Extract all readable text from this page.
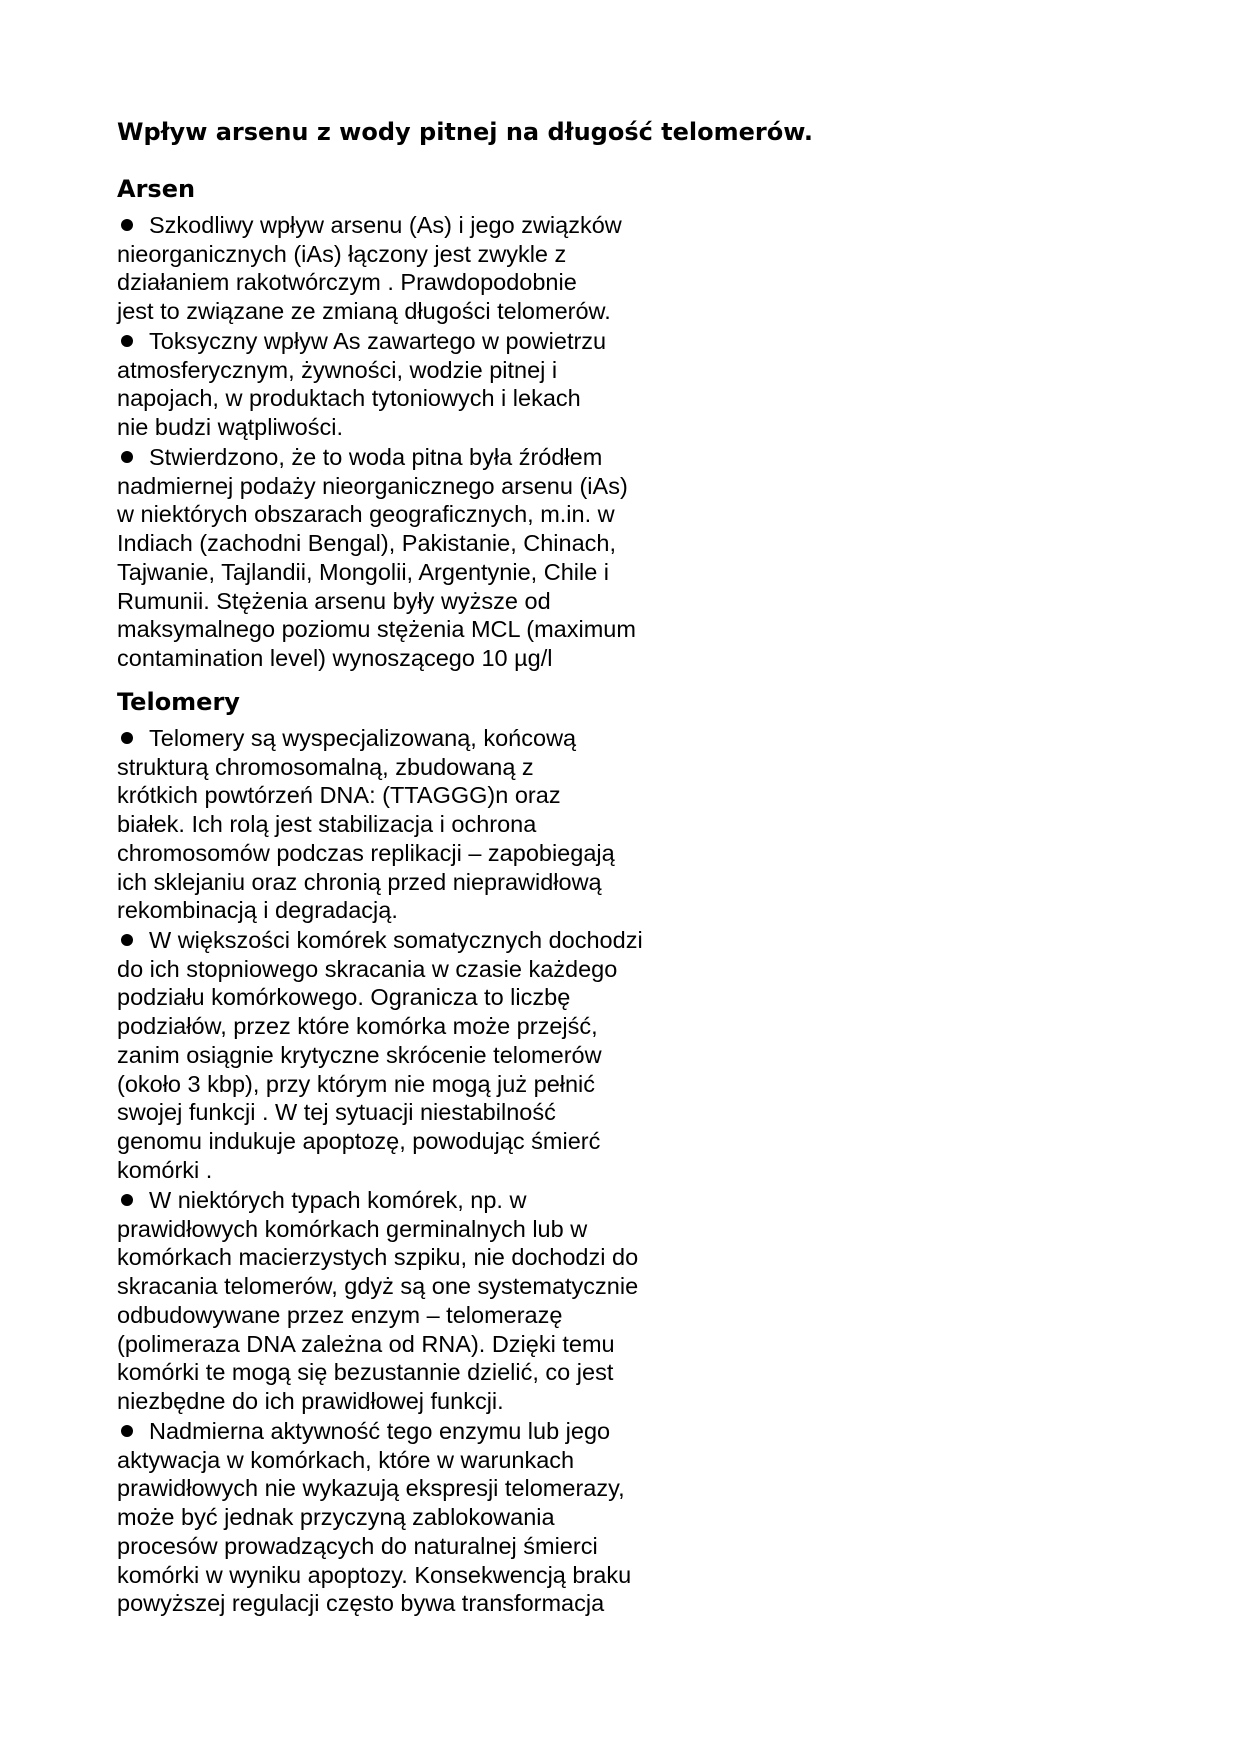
Wpływ arsenu z wody pitnej na długość telomerów.
Arsen
Szkodliwy wpływ arsenu (As) i jego związków
nieorganicznych (iAs) łączony jest zwykle z
działaniem rakotwórczym . Prawdopodobnie
jest to związane ze zmianą długości telomerów.
Toksyczny wpływ As zawartego w powietrzu
atmosferycznym, żywności, wodzie pitnej i
napojach, w produktach tytoniowych i lekach
nie budzi wątpliwości.
Stwierdzono, że to woda pitna była źródłem
nadmiernej podaży nieorganicznego arsenu (iAs)
w niektórych obszarach geograficznych, m.in. w
Indiach (zachodni Bengal), Pakistanie, Chinach,
Tajwanie, Tajlandii, Mongolii, Argentynie, Chile i
Rumunii. Stężenia arsenu były wyższe od
maksymalnego poziomu stężenia MCL (maximum
contamination level) wynoszącego 10 µg/l
Telomery
Telomery są wyspecjalizowaną, końcową
strukturą chromosomalną, zbudowaną z
krótkich powtórzeń DNA: (TTAGGG)n oraz
białek. Ich rolą jest stabilizacja i ochrona
chromosomów podczas replikacji – zapobiegają
ich sklejaniu oraz chronią przed nieprawidłową
rekombinacją i degradacją.
W większości komórek somatycznych dochodzi
do ich stopniowego skracania w czasie każdego
podziału komórkowego. Ogranicza to liczbę
podziałów, przez które komórka może przejść,
zanim osiągnie krytyczne skrócenie telomerów
(około 3 kbp), przy którym nie mogą już pełnić
swojej funkcji . W tej sytuacji niestabilność
genomu indukuje apoptozę, powodując śmierć
komórki .
W niektórych typach komórek, np. w
prawidłowych komórkach germinalnych lub w
komórkach macierzystych szpiku, nie dochodzi do
skracania telomerów, gdyż są one systematycznie
odbudowywane przez enzym – telomerazę
(polimeraza DNA zależna od RNA). Dzięki temu
komórki te mogą się bezustannie dzielić, co jest
niezbędne do ich prawidłowej funkcji.
Nadmierna aktywność tego enzymu lub jego
aktywacja w komórkach, które w warunkach
prawidłowych nie wykazują ekspresji telomerazy,
może być jednak przyczyną zablokowania
procesów prowadzących do naturalnej śmierci
komórki w wyniku apoptozy. Konsekwencją braku
powyższej regulacji często bywa transformacja
